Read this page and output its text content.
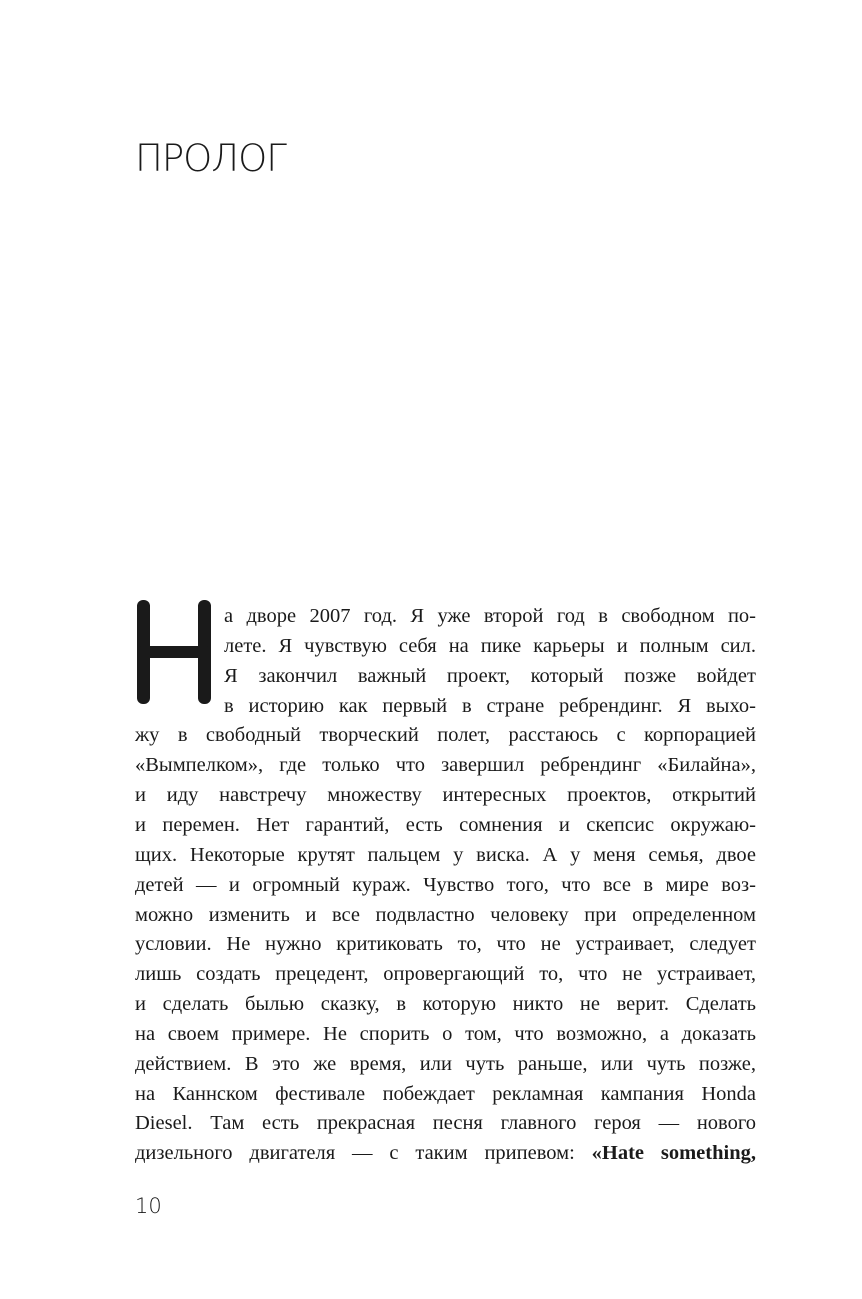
ПРОЛОГ
а дворе 2007 год. Я уже второй год в свободном по-
лете. Я чувствую себя на пике карьеры и полным сил.
Я закончил важный проект, который позже войдет
в историю как первый в стране ребрендинг. Я выхо-
жу в свободный творческий полет, расстаюсь с корпорацией
«Вымпелком», где только что завершил ребрендинг «Билайна»,
и иду навстречу множеству интересных проектов, открытий
и перемен. Нет гарантий, есть сомнения и скепсис окружаю-
щих. Некоторые крутят пальцем у виска. А у меня семья, двое
детей — и огромный кураж. Чувство того, что все в мире воз-
можно изменить и все подвластно человеку при определенном
условии. Не нужно критиковать то, что не устраивает, следует
лишь создать прецедент, опровергающий то, что не устраивает,
и сделать былью сказку, в которую никто не верит. Сделать
на своем примере. Не спорить о том, что возможно, а доказать
действием. В это же время, или чуть раньше, или чуть позже,
на Каннском фестивале побеждает рекламная кампания Honda
Diesel. Там есть прекрасная песня главного героя — нового
дизельного двигателя — с таким припевом: «Hate something,
10
